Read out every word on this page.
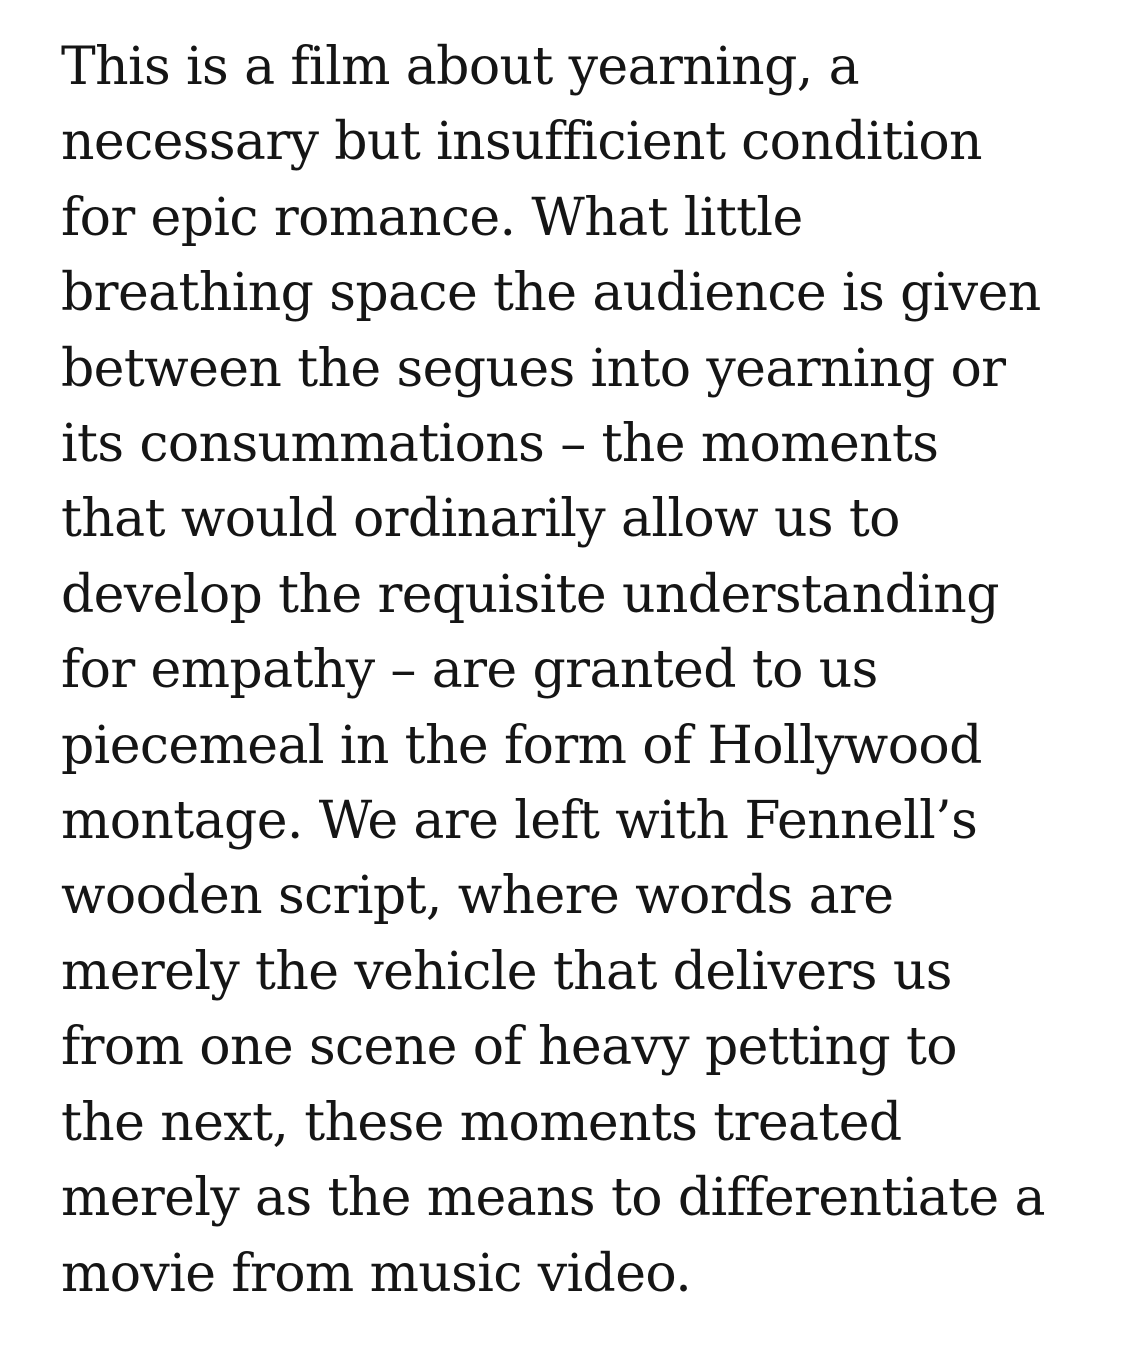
This is a film about yearning, a
necessary but insufficient condition
for epic romance. What little
breathing space the audience is given
between the segues into yearning or
its consummations – the moments
that would ordinarily allow us to
develop the requisite understanding
for empathy – are granted to us
piecemeal in the form of Hollywood
montage. We are left with Fennell’s
wooden script, where words are
merely the vehicle that delivers us
from one scene of heavy petting to
the next, these moments treated
merely as the means to differentiate a
movie from music video.
